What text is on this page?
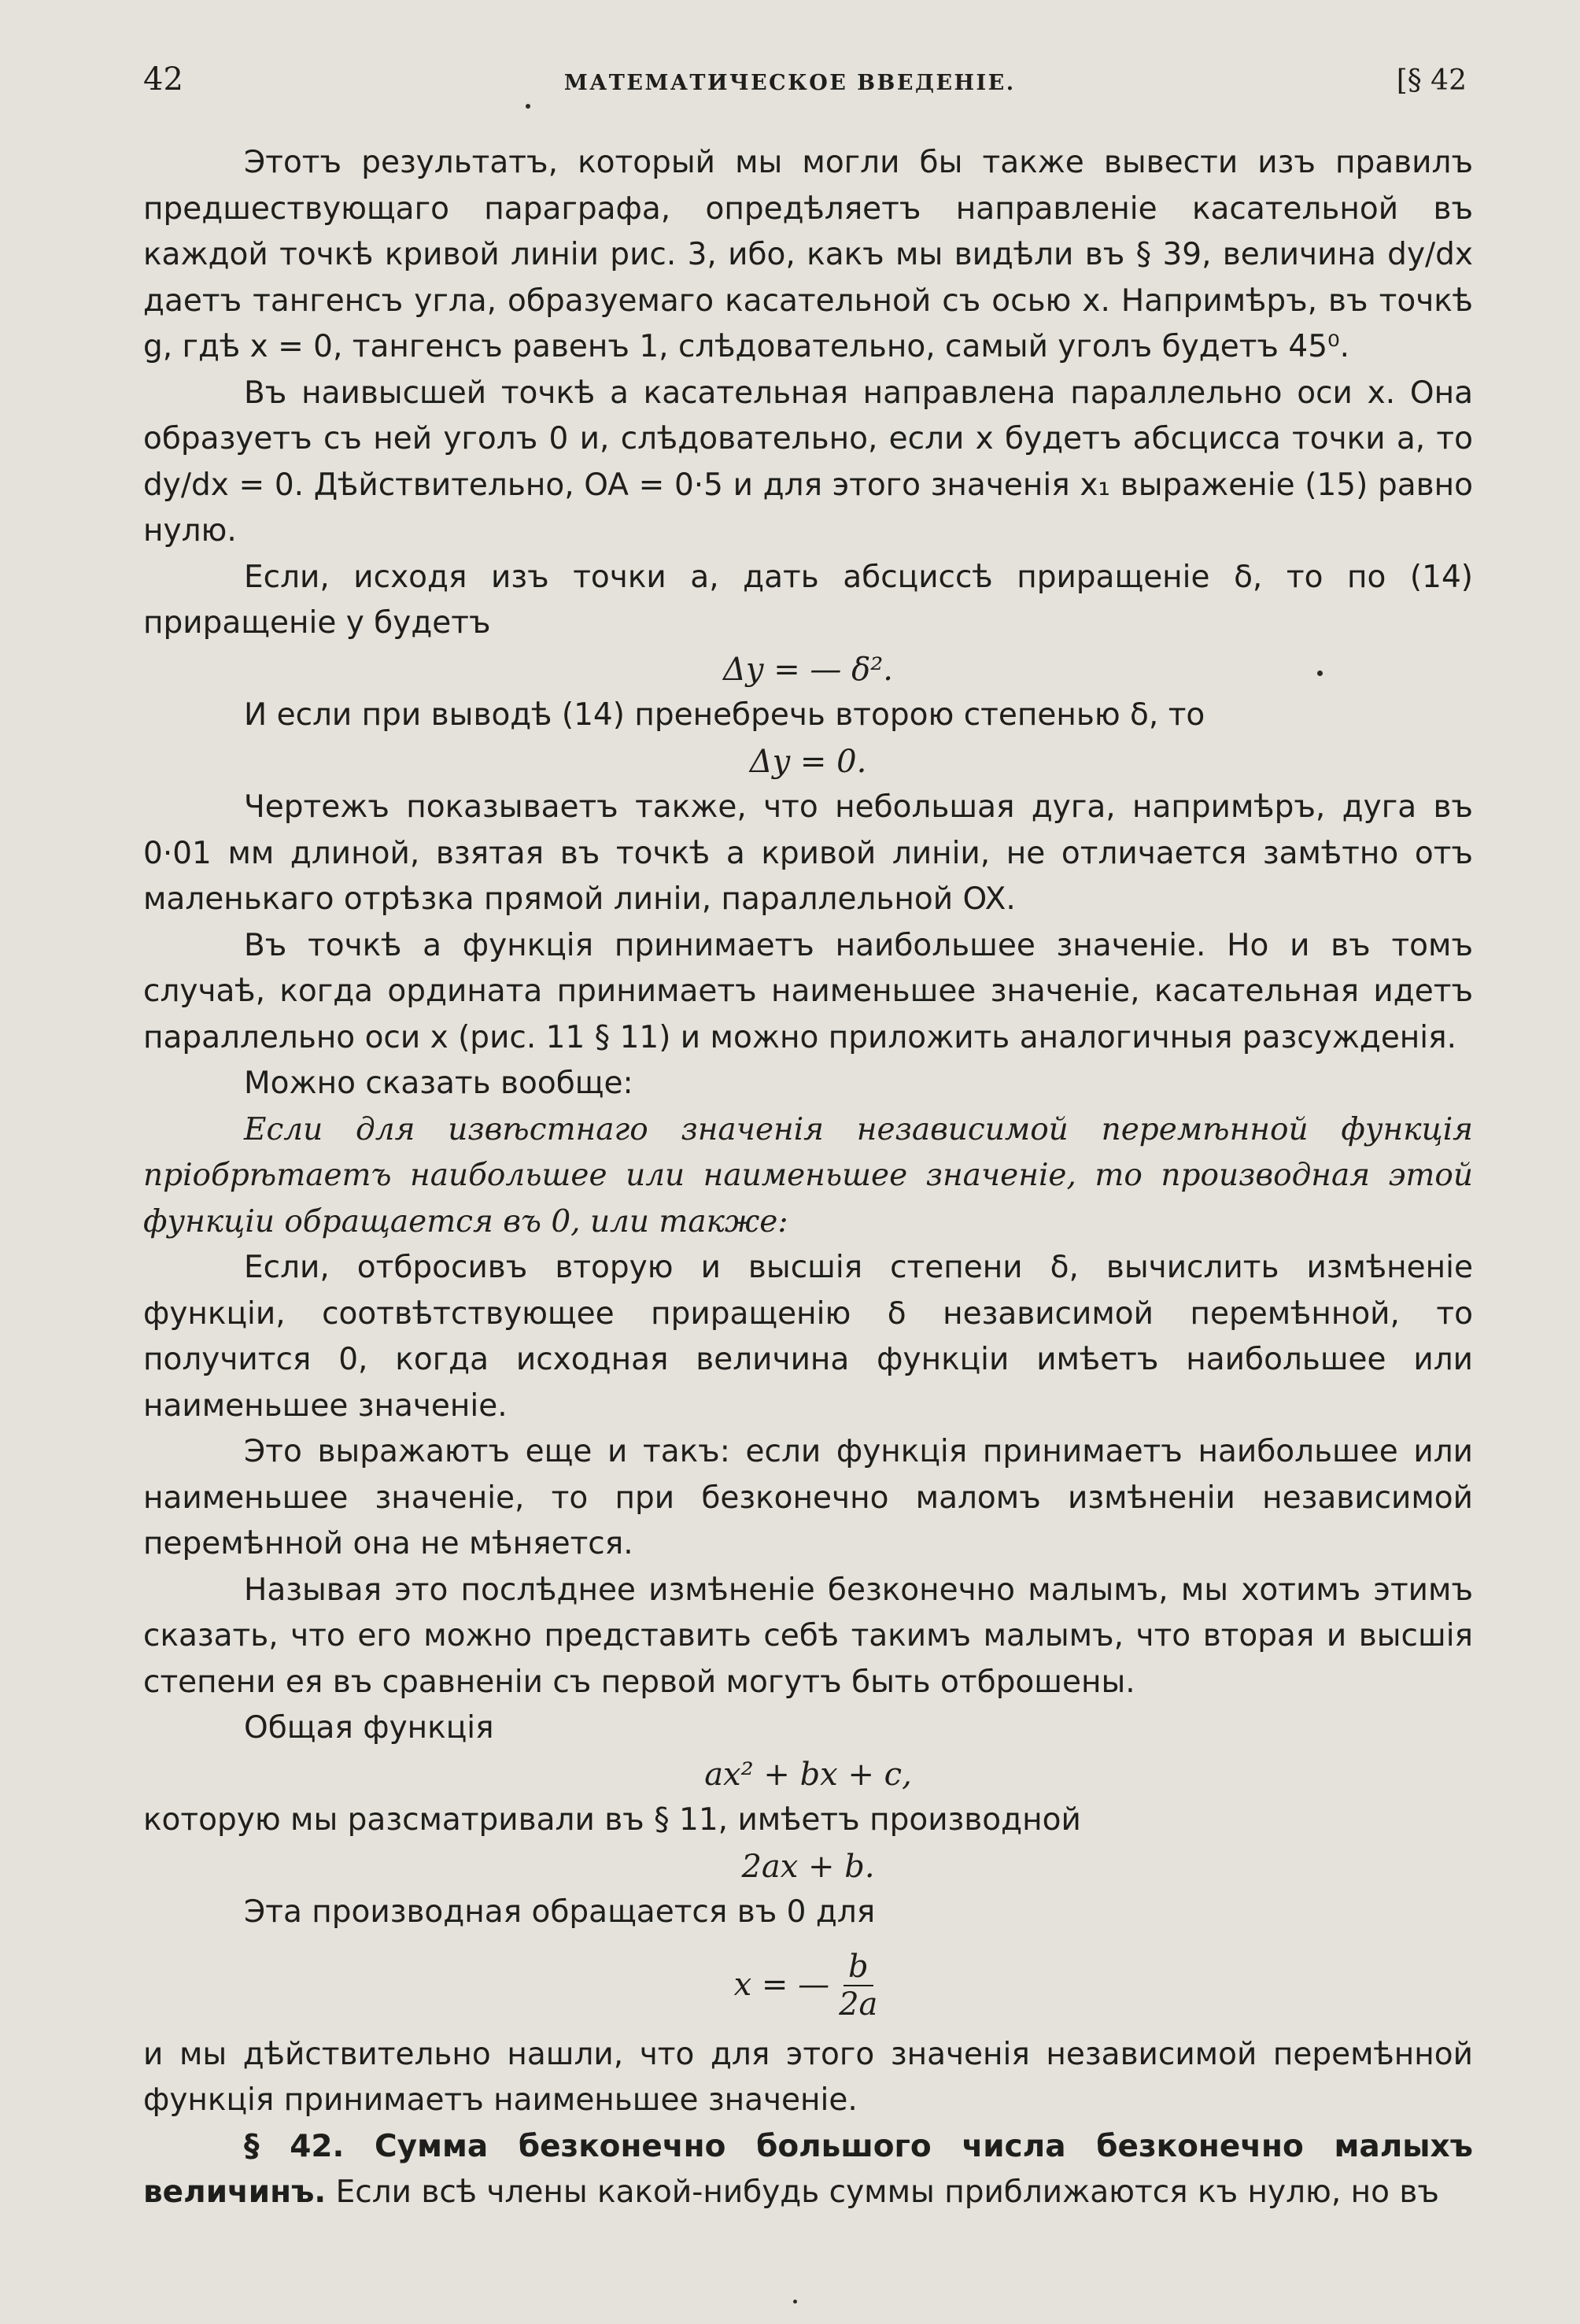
42	МАТЕМАТИЧЕСКОЕ ВВЕДЕНІЕ.	[§ 42

Этотъ результатъ, который мы могли бы также вывести изъ правилъ предшествующаго параграфа, опредѣляетъ направленіе касательной въ каждой точкѣ кривой линіи рис. 3, ибо, какъ мы видѣли въ § 39, величина dy/dx даетъ тангенсъ угла, образуемаго касательной съ осью x. Напримѣръ, въ точкѣ g, гдѣ x = 0, тангенсъ равенъ 1, слѣдовательно, самый уголъ будетъ 45⁰.

Въ наивысшей точкѣ a касательная направлена параллельно оси x. Она образуетъ съ ней уголъ 0 и, слѣдовательно, если x будетъ абсцисса точки a, то dy/dx = 0. Дѣйствительно, OA = 0·5 и для этого значенія x₁ выраженіе (15) равно нулю.

Если, исходя изъ точки a, дать абсциссѣ приращеніе δ, то по (14) приращеніе y будетъ

Δy = — δ².

И если при выводѣ (14) пренебречь второю степенью δ, то

Δy = 0.

Чертежъ показываетъ также, что небольшая дуга, напримѣръ, дуга въ 0·01 мм длиной, взятая въ точкѣ a кривой линіи, не отличается замѣтно отъ маленькаго отрѣзка прямой линіи, параллельной OX.

Въ точкѣ a функція принимаетъ наибольшее значеніе. Но и въ томъ случаѣ, когда ордината принимаетъ наименьшее значеніе, касательная идетъ параллельно оси x (рис. 11 § 11) и можно приложить аналогичныя разсужденія.

Можно сказать вообще:

Если для извѣстнаго значенія независимой перемѣнной функція пріобрѣтаетъ наибольшее или наименьшее значеніе, то производная этой функціи обращается въ 0, или также:

Если, отбросивъ вторую и высшія степени δ, вычислить измѣненіе функціи, соотвѣтствующее приращенію δ независимой перемѣнной, то получится 0, когда исходная величина функціи имѣетъ наибольшее или наименьшее значеніе.

Это выражаютъ еще и такъ: если функція принимаетъ наибольшее или наименьшее значеніе, то при безконечно маломъ измѣненіи независимой перемѣнной она не мѣняется.

Называя это послѣднее измѣненіе безконечно малымъ, мы хотимъ этимъ сказать, что его можно представить себѣ такимъ малымъ, что вторая и высшія степени ея въ сравненіи съ первой могутъ быть отброшены.

Общая функція

ax² + bx + c,

которую мы разсматривали въ § 11, имѣетъ производной

2ax + b.

Эта производная обращается въ 0 для

x = — $\frac{b}{2a}$

и мы дѣйствительно нашли, что для этого значенія независимой перемѣнной функція принимаетъ наименьшее значеніе.

§ 42. Сумма безконечно большого числа безконечно малыхъ величинъ. Если всѣ члены какой-нибудь суммы приближаются къ нулю, но въ
